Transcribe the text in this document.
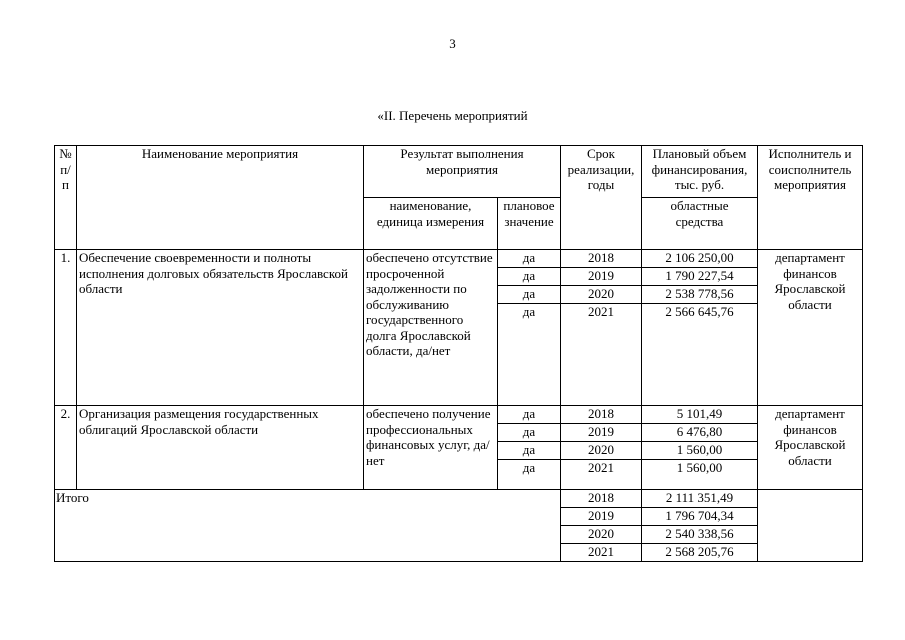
3
«II. Перечень мероприятий
№
п/п	Наименование мероприятия	Результат выполнения мероприятия		Срок реализации, годы	Плановый объем финансирования, тыс. руб.	Исполнитель и соисполнитель мероприятия
		наименование, единица измерения	плановое значение		областные средства	
1.	Обеспечение своевременности и полноты исполнения долговых обязательств Ярославской области	обеспечено отсутствие просроченной задолженности по обслуживанию государственного долга Ярославской области, да/нет	да	2018	2 106 250,00	департамент финансов Ярославской области
			да	2019	1 790 227,54	
			да	2020	2 538 778,56	
			да	2021	2 566 645,76	
2.	Организация размещения государственных облигаций Ярославской области	обеспечено получение профессиональных финансовых услуг, да/нет	да	2018	5 101,49	департамент финансов Ярославской области
			да	2019	6 476,80	
			да	2020	1 560,00	
			да	2021	1 560,00	
Итого				2018	2 111 351,49	
				2019	1 796 704,34	
				2020	2 540 338,56	
				2021	2 568 205,76	
